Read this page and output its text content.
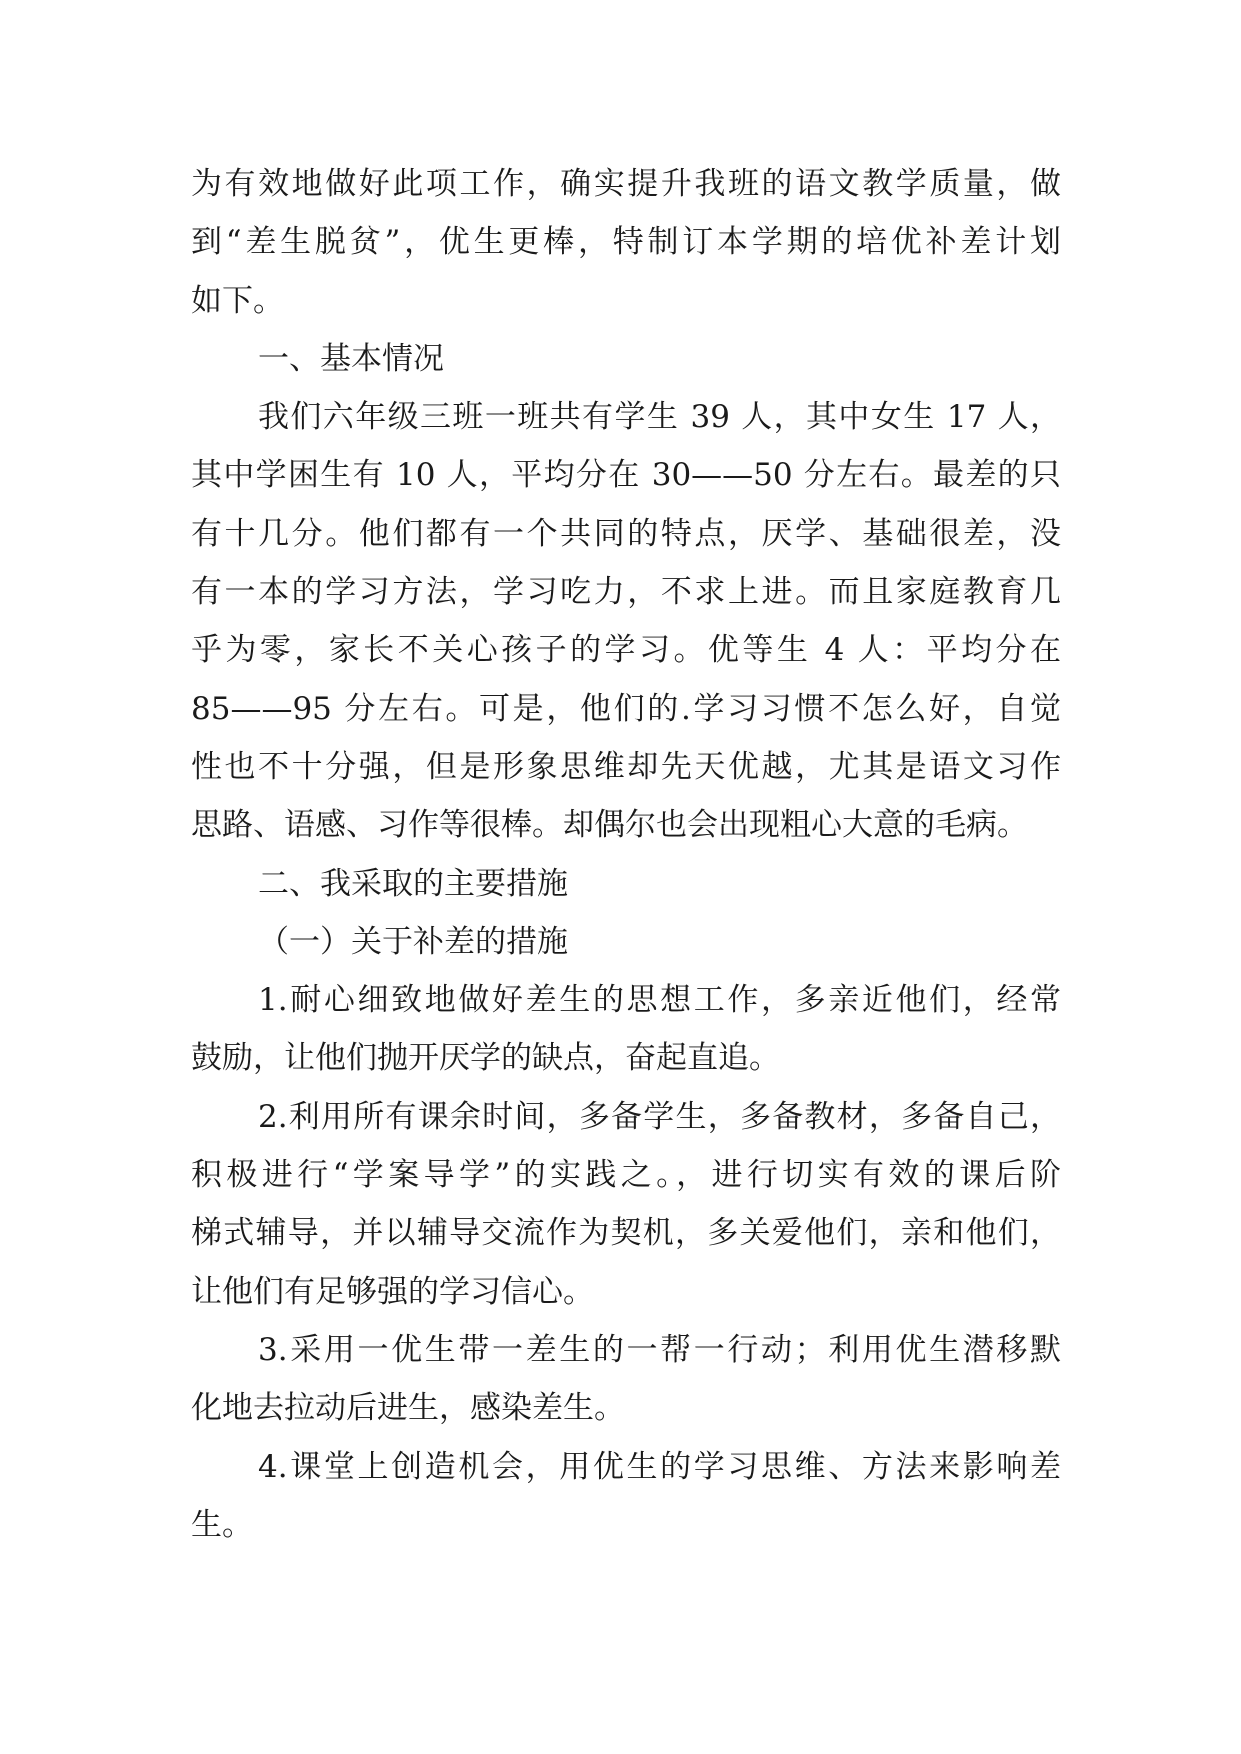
为有效地做好此项工作，确实提升我班的语文教学质量，做
到“差生脱贫”，优生更棒，特制订本学期的培优补差计划
如下。
一、基本情况
我们六年级三班一班共有学生 39 人，其中女生 17 人，
其中学困生有 10 人，平均分在 30——50 分左右。最差的只
有十几分。他们都有一个共同的特点，厌学、基础很差，没
有一本的学习方法，学习吃力，不求上进。而且家庭教育几
乎为零，家长不关心孩子的学习。优等生 4 人：平均分在
85——95 分左右。可是，他们的.学习习惯不怎么好，自觉
性也不十分强，但是形象思维却先天优越，尤其是语文习作
思路、语感、习作等很棒。却偶尔也会出现粗心大意的毛病。
二、我采取的主要措施
（一）关于补差的措施
1.耐心细致地做好差生的思想工作，多亲近他们，经常
鼓励，让他们抛开厌学的缺点，奋起直追。
2.利用所有课余时间，多备学生，多备教材，多备自己，
积极进行“学案导学”的实践之。，进行切实有效的课后阶
梯式辅导，并以辅导交流作为契机，多关爱他们，亲和他们，
让他们有足够强的学习信心。
3.采用一优生带一差生的一帮一行动；利用优生潜移默
化地去拉动后进生，感染差生。
4.课堂上创造机会，用优生的学习思维、方法来影响差
生。
